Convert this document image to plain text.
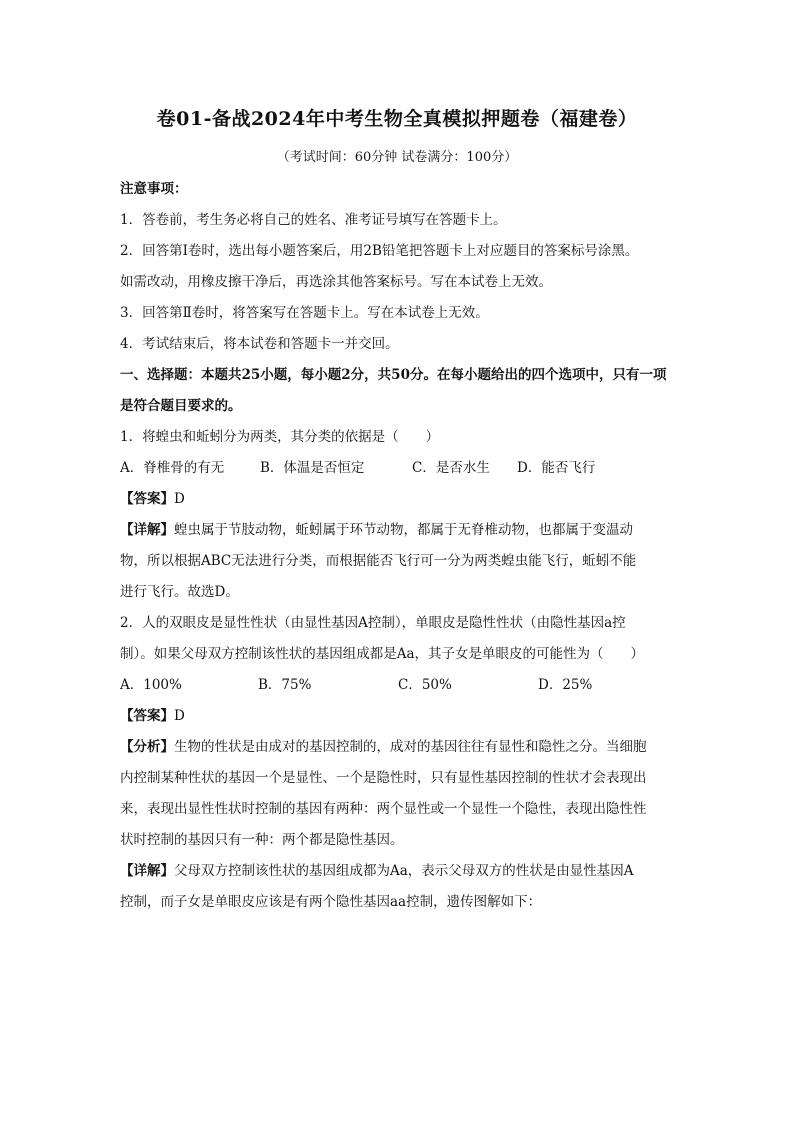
卷01-备战2024年中考生物全真模拟押题卷（福建卷）
（考试时间：60分钟 试卷满分：100分）

注意事项：

1．答卷前，考生务必将自己的姓名、准考证号填写在答题卡上。

2．回答第Ⅰ卷时，选出每小题答案后，用2B铅笔把答题卡上对应题目的答案标号涂黑。

如需改动，用橡皮擦干净后，再选涂其他答案标号。写在本试卷上无效。

3．回答第Ⅱ卷时，将答案写在答题卡上。写在本试卷上无效。

4．考试结束后，将本试卷和答题卡一并交回。

一、选择题：本题共25小题，每小题2分，共50分。在每小题给出的四个选项中，只有一项

是符合题目要求的。

1．将蝗虫和蚯蚓分为两类，其分类的依据是（　　）

A．脊椎骨的有无	B．体温是否恒定	C．是否水生 D．能否飞行

【答案】D

【详解】蝗虫属于节肢动物，蚯蚓属于环节动物，都属于无脊椎动物，也都属于变温动

物，所以根据ABC无法进行分类，而根据能否飞行可一分为两类蝗虫能飞行，蚯蚓不能

进行飞行。故选D。

2．人的双眼皮是显性性状（由显性基因A控制），单眼皮是隐性性状（由隐性基因a控

制）。如果父母双方控制该性状的基因组成都是Aa，其子女是单眼皮的可能性为（　　）

A．100%	B．75%	C．50%	D．25%

【答案】D

【分析】生物的性状是由成对的基因控制的，成对的基因往往有显性和隐性之分。当细胞

内控制某种性状的基因一个是显性、一个是隐性时，只有显性基因控制的性状才会表现出

来，表现出显性性状时控制的基因有两种：两个显性或一个显性一个隐性，表现出隐性性

状时控制的基因只有一种：两个都是隐性基因。

【详解】父母双方控制该性状的基因组成都为Aa，表示父母双方的性状是由显性基因A

控制，而子女是单眼皮应该是有两个隐性基因aa控制，遗传图解如下：
